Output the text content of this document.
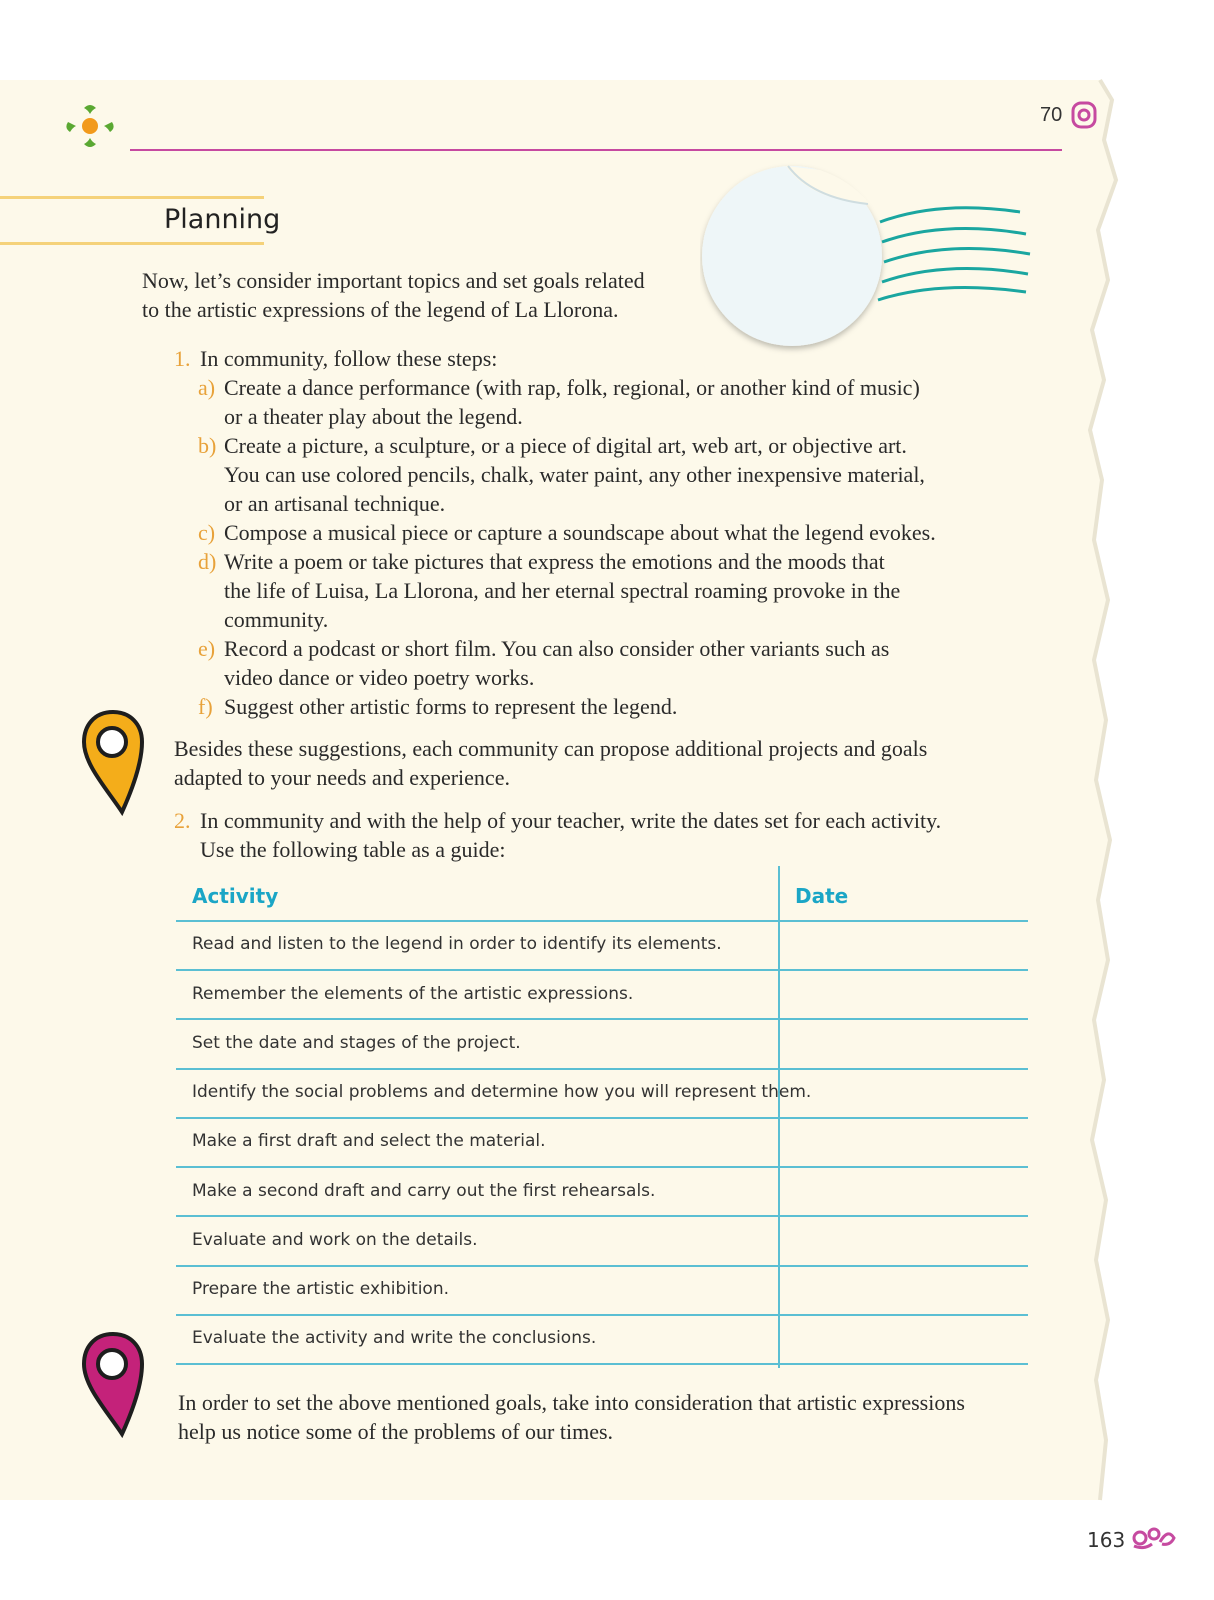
70
Planning

Now, let’s consider important topics and set goals related
to the artistic expressions of the legend of La Llorona.

1. In community, follow these steps:
a) Create a dance performance (with rap, folk, regional, or another kind of music)
or a theater play about the legend.
b) Create a picture, a sculpture, or a piece of digital art, web art, or objective art.
You can use colored pencils, chalk, water paint, any other inexpensive material,
or an artisanal technique.
c) Compose a musical piece or capture a soundscape about what the legend evokes.
d) Write a poem or take pictures that express the emotions and the moods that
the life of Luisa, La Llorona, and her eternal spectral roaming provoke in the
community.
e) Record a podcast or short film. You can also consider other variants such as
video dance or video poetry works.
f) Suggest other artistic forms to represent the legend.

Besides these suggestions, each community can propose additional projects and goals
adapted to your needs and experience.

2. In community and with the help of your teacher, write the dates set for each activity.
Use the following table as a guide:
Activity	Date
Read and listen to the legend in order to identify its elements.
Remember the elements of the artistic expressions.
Set the date and stages of the project.
Identify the social problems and determine how you will represent them.
Make a first draft and select the material.
Make a second draft and carry out the first rehearsals.
Evaluate and work on the details.
Prepare the artistic exhibition.
Evaluate the activity and write the conclusions.

In order to set the above mentioned goals, take into consideration that artistic expressions
help us notice some of the problems of our times.

163
